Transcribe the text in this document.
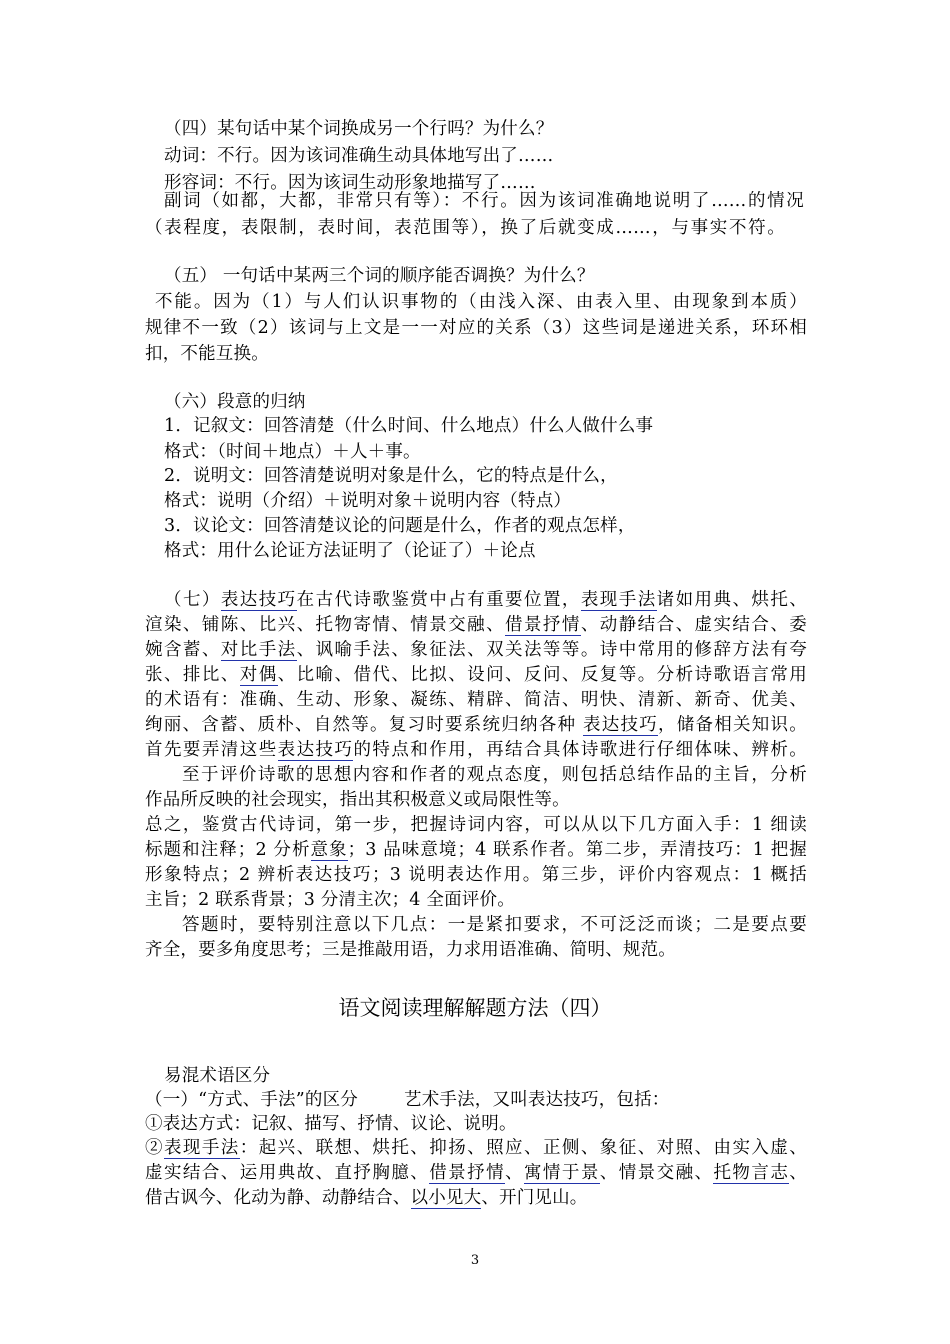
（四）某句话中某个词换成另一个行吗？为什么？
动词：不行。因为该词准确生动具体地写出了……
形容词：不行。因为该词生动形象地描写了……
副词（如都，大都，非常只有等）：不行。因为该词准确地说明了……的情况
（表程度，表限制，表时间，表范围等），换了后就变成……，与事实不符。
（五） 一句话中某两三个词的顺序能否调换？为什么？
不能。因为（1）与人们认识事物的（由浅入深、由表入里、由现象到本质）
规律不一致（2）该词与上文是一一对应的关系（3）这些词是递进关系，环环相
扣，不能互换。
（六）段意的归纳
1．记叙文：回答清楚（什么时间、什么地点）什么人做什么事
格式：（时间＋地点）＋人＋事。
2．说明文：回答清楚说明对象是什么，它的特点是什么，
格式：说明（介绍）＋说明对象＋说明内容（特点）
3．议论文：回答清楚议论的问题是什么，作者的观点怎样，
格式：用什么论证方法证明了（论证了）＋论点
（七）表达技巧在古代诗歌鉴赏中占有重要位置，表现手法诸如用典、烘托、
渲染、铺陈、比兴、托物寄情、情景交融、借景抒情、动静结合、虚实结合、委
婉含蓄、对比手法、讽喻手法、象征法、双关法等等。诗中常用的修辞方法有夸
张、排比、对偶、比喻、借代、比拟、设问、反问、反复等。分析诗歌语言常用
的术语有：准确、生动、形象、凝练、精辟、简洁、明快、清新、新奇、优美、
绚丽、含蓄、质朴、自然等。复习时要系统归纳各种 表达技巧，储备相关知识。
首先要弄清这些表达技巧的特点和作用，再结合具体诗歌进行仔细体味、辨析。
至于评价诗歌的思想内容和作者的观点态度，则包括总结作品的主旨，分析
作品所反映的社会现实，指出其积极意义或局限性等。
总之，鉴赏古代诗词，第一步，把握诗词内容，可以从以下几方面入手：1 细读
标题和注释；2 分析意象；3 品味意境；4 联系作者。第二步，弄清技巧：1 把握
形象特点；2 辨析表达技巧；3 说明表达作用。第三步，评价内容观点：1 概括
主旨；2 联系背景；3 分清主次；4 全面评价。
答题时，要特别注意以下几点：一是紧扣要求，不可泛泛而谈；二是要点要
齐全，要多角度思考；三是推敲用语，力求用语准确、简明、规范。
语文阅读理解解题方法（四）
易混术语区分
（一）“方式、手法”的区分	艺术手法，又叫表达技巧，包括：
①表达方式：记叙、描写、抒情、议论、说明。
②表现手法：起兴、联想、烘托、抑扬、照应、正侧、象征、对照、由实入虚、
虚实结合、运用典故、直抒胸臆、借景抒情、寓情于景、情景交融、托物言志、
借古讽今、化动为静、动静结合、以小见大、开门见山。
3
